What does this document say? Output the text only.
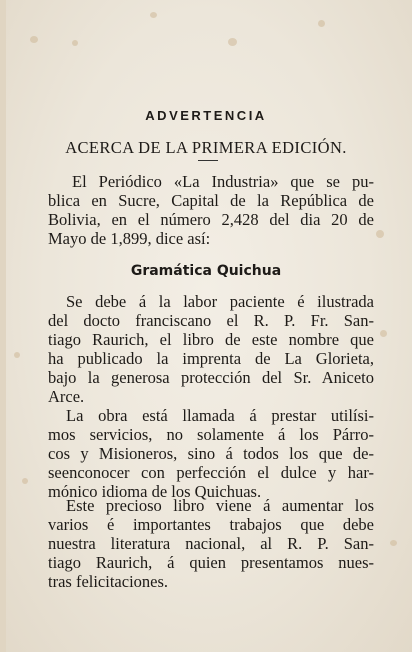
ADVERTENCIA
ACERCA DE LA PRIMERA EDICIÓN.
El Periódico «La Industria» que se pu-
blica en Sucre, Capital de la República de
Bolivia, en el número 2,428 del dia 20 de
Mayo de 1,899, dice así:
Gramática Quichua
Se debe á la labor paciente é ilustrada
del docto franciscano el R. P. Fr. San-
tiago Raurich, el libro de este nombre que
ha publicado la imprenta de La Glorieta,
bajo la generosa protección del Sr. Aniceto
Arce.
La obra está llamada á prestar utilísi-
mos servicios, no solamente á los Párro-
cos y Misioneros, sino á todos los que de-
seenconocer con perfección el dulce y har-
mónico idioma de los Quichuas.
Este precioso libro viene á aumentar los
varios é importantes trabajos que debe
nuestra literatura nacional, al R. P. San-
tiago Raurich, á quien presentamos nues-
tras felicitaciones.
